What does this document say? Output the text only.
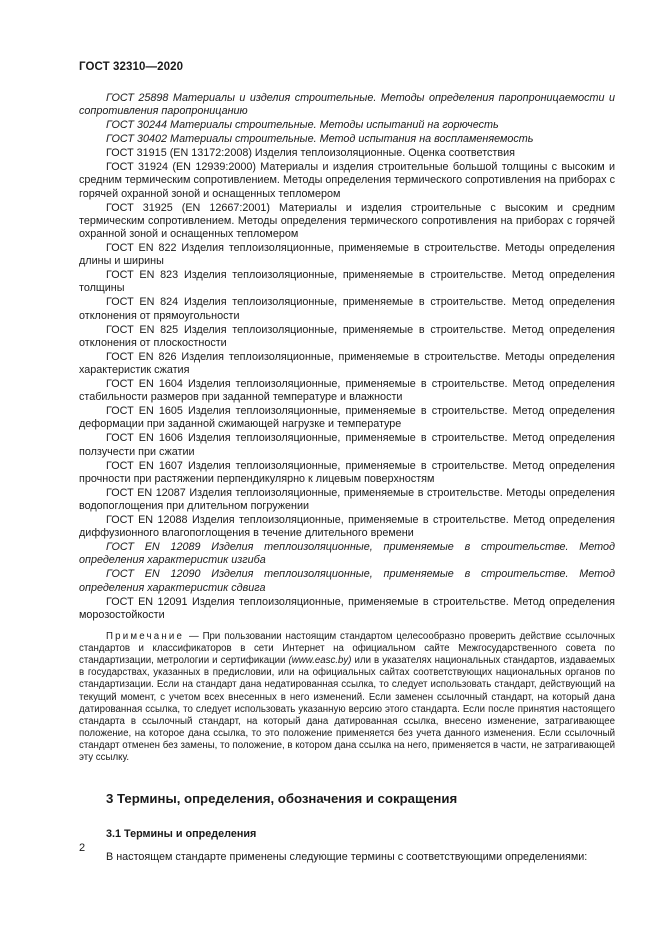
ГОСТ 32310—2020
ГОСТ 25898 Материалы и изделия строительные. Методы определения паропроницаемости и сопротивления паропроницанию
ГОСТ 30244 Материалы строительные. Методы испытаний на горючесть
ГОСТ 30402 Материалы строительные. Метод испытания на воспламеняемость
ГОСТ 31915 (EN 13172:2008) Изделия теплоизоляционные. Оценка соответствия
ГОСТ 31924 (EN 12939:2000) Материалы и изделия строительные большой толщины с высоким и средним термическим сопротивлением. Методы определения термического сопротивления на приборах с горячей охранной зоной и оснащенных тепломером
ГОСТ 31925 (EN 12667:2001) Материалы и изделия строительные с высоким и средним термическим сопротивлением. Методы определения термического сопротивления на приборах с горячей охранной зоной и оснащенных тепломером
ГОСТ EN 822 Изделия теплоизоляционные, применяемые в строительстве. Методы определения длины и ширины
ГОСТ EN 823 Изделия теплоизоляционные, применяемые в строительстве. Метод определения толщины
ГОСТ EN 824 Изделия теплоизоляционные, применяемые в строительстве. Метод определения отклонения от прямоугольности
ГОСТ EN 825 Изделия теплоизоляционные, применяемые в строительстве. Метод определения отклонения от плоскостности
ГОСТ EN 826 Изделия теплоизоляционные, применяемые в строительстве. Методы определения характеристик сжатия
ГОСТ EN 1604 Изделия теплоизоляционные, применяемые в строительстве. Метод определения стабильности размеров при заданной температуре и влажности
ГОСТ EN 1605 Изделия теплоизоляционные, применяемые в строительстве. Метод определения деформации при заданной сжимающей нагрузке и температуре
ГОСТ EN 1606 Изделия теплоизоляционные, применяемые в строительстве. Метод определения ползучести при сжатии
ГОСТ EN 1607 Изделия теплоизоляционные, применяемые в строительстве. Метод определения прочности при растяжении перпендикулярно к лицевым поверхностям
ГОСТ EN 12087 Изделия теплоизоляционные, применяемые в строительстве. Методы определения водопоглощения при длительном погружении
ГОСТ EN 12088 Изделия теплоизоляционные, применяемые в строительстве. Метод определения диффузионного влагопоглощения в течение длительного времени
ГОСТ EN 12089 Изделия теплоизоляционные, применяемые в строительстве. Метод определения характеристик изгиба
ГОСТ EN 12090 Изделия теплоизоляционные, применяемые в строительстве. Метод определения характеристик сдвига
ГОСТ EN 12091 Изделия теплоизоляционные, применяемые в строительстве. Метод определения морозостойкости
Примечание — При пользовании настоящим стандартом целесообразно проверить действие ссылочных стандартов и классификаторов в сети Интернет на официальном сайте Межгосударственного совета по стандартизации, метрологии и сертификации (www.easc.by) или в указателях национальных стандартов, издаваемых в государствах, указанных в предисловии, или на официальных сайтах соответствующих национальных органов по стандартизации. Если на стандарт дана недатированная ссылка, то следует использовать стандарт, действующий на текущий момент, с учетом всех внесенных в него изменений. Если заменен ссылочный стандарт, на который дана датированная ссылка, то следует использовать указанную версию этого стандарта. Если после принятия настоящего стандарта в ссылочный стандарт, на который дана датированная ссылка, внесено изменение, затрагивающее положение, на которое дана ссылка, то это положение применяется без учета данного изменения. Если ссылочный стандарт отменен без замены, то положение, в котором дана ссылка на него, применяется в части, не затрагивающей эту ссылку.
3 Термины, определения, обозначения и сокращения
3.1 Термины и определения
В настоящем стандарте применены следующие термины с соответствующими определениями:
2
